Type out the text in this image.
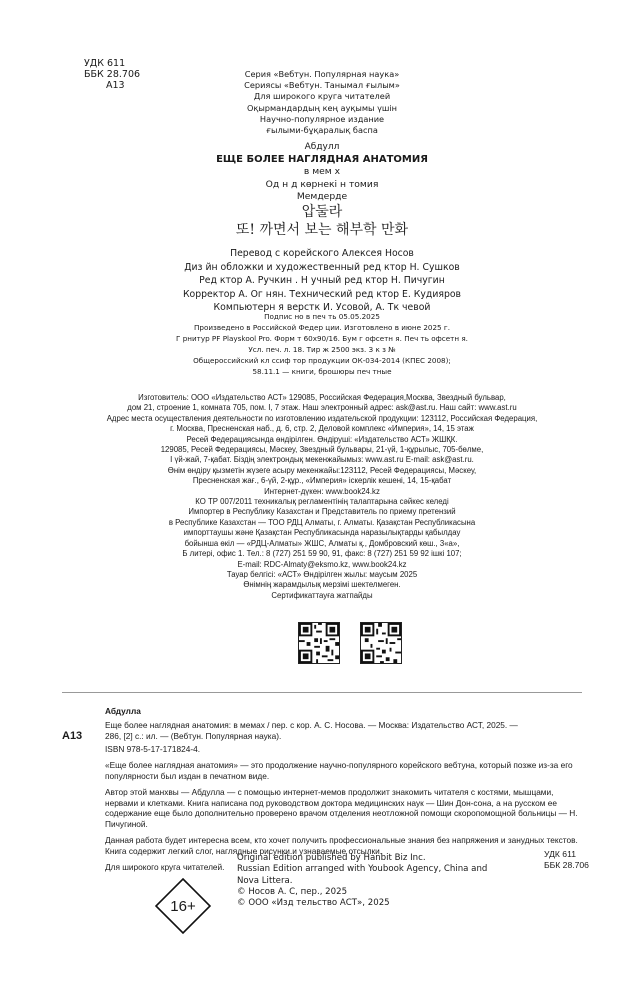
УДК 611
ББК 28.706
А13
Серия «Вебтун. Популярная наука»
Сериясы «Вебтун. Танымал ғылым»
Для широкого круга читателей
Оқырмандардың кең ауқымы үшін
Научно-популярное издание
ғылыми-бұқаралық баспа
Абдулл
ЕЩЕ БОЛЕЕ НАГЛЯДНАЯ АНАТОМИЯ
в мем х
Од н д көрнекі н томия
Мемдерде
압둘라
또! 까면서 보는 해부학 만화
Перевод с корейского Алексея Носов
Диз йн обложки и художественный ред ктор Н. Сушков
Ред ктор А. Ручкин . Н учный ред ктор Н. Пичугин
Корректор А. Ог нян. Технический ред ктор Е. Кудияров
Компьютерн я верстк И. Усовой, А. Тк чевой
Подпис но в печ ть 05.05.2025
Произведено в Российской Федер ции. Изготовлено в июне 2025 г.
Г рнитур PF Playskool Pro. Форм т 60x90/16. Бум г офсетн я. Печ ть офсетн я.
Усл. печ. л. 18. Тир ж 2500 экз. З к з №
Общероссийский кл ссиф тор продукции ОК-034-2014 (КПЕС 2008);
58.11.1 — книги, брошюры печ тные
Изготовитель: ООО «Издательство АСТ» 129085, Российская Федерация,Москва, Звездный бульвар,
дом 21, строение 1, комната 705, пом. I, 7 этаж. Наш электронный адрес: ask@ast.ru. Наш сайт: www.ast.ru
Адрес места осуществления деятельности по изготовлению издательской продукции: 123112, Российская Федерация,
г. Москва, Пресненская наб., д. 6, стр. 2, Деловой комплекс «Империя», 14, 15 этаж
Ресей Федерациясында өндірілген. Өндіруші: «Издательство АСТ» ЖШҚК.
129085, Ресей Федерациясы, Мәскеу, Звездный бульвары, 21-үй, 1-құрылыс, 705-бөлме,
I үй-жай, 7-қабат. Біздің электрондық мекенжайымыз: www.ast.ru E-mail: ask@ast.ru.
Өнім өндіру қызметін жүзеге асыру мекенжайы:123112, Ресей Федерациясы, Мәскеу,
Пресненская жағ., 6-үй, 2-құр., «Империя» іскерлік кешені, 14, 15-қабат
Интернет-дүкен: www.book24.kz
КО ТР 007/2011 техникалық регламентінің талаптарына сәйкес келеді
Импортер в Республику Казахстан и Представитель по приему претензий
в Республике Казахстан — ТОО РДЦ Алматы, г. Алматы. Қазақстан Республикасына
импорттаушы және Қазақстан Республикасында наразылықтарды қабылдау
бойынша өкіл — «РДЦ-Алматы» ЖШС, Алматы қ., Домбровский көш., 3«а»,
Б литері, офис 1. Тел.: 8 (727) 251 59 90, 91, факс: 8 (727) 251 59 92 ішкі 107;
E-mail: RDC-Almaty@eksmo.kz, www.book24.kz
Тауар белгісі: «АСТ» Өндірілген жылы: маусым 2025
Өнімнің жарамдылық мерзімі шектелмеген.
Сертификаттауға жатпайды
Абдулла
А13
Еще более наглядная анатомия: в мемах / пер. с кор. А. С. Носова. — Москва: Издательство АСТ, 2025. —
286, [2] с.: ил. — (Вебтун. Популярная наука).
ISBN 978-5-17-171824-4.

«Еще более наглядная анатомия» — это продолжение научно-популярного корейского вебтуна, который позже из-за его популярности был издан в печатном виде.

Автор этой манхвы — Абдулла — с помощью интернет-мемов продолжит знакомить читателя с костями, мышцами, нервами и клетками. Книга написана под руководством доктора медицинских наук — Шин Дон-сона, а на русском ее содержание еще было дополнительно проверено врачом отделения неотложной помощи скоропомощной больницы — Н. Пичугиной.

Данная работа будет интересна всем, кто хочет получить профессиональные знания без напряжения и занудных текстов. Книга содержит легкий слог, наглядные рисунки и узнаваемые отсылки.

Для широкого круга читателей.

16+
Original edition published by Hanbit Biz Inc.
Russian Edition arranged with Youbook Agency, China and
Nova Littera.
© Носов А. С, пер., 2025
© ООО «Изд тельство АСТ», 2025
УДК 611
ББК 28.706
